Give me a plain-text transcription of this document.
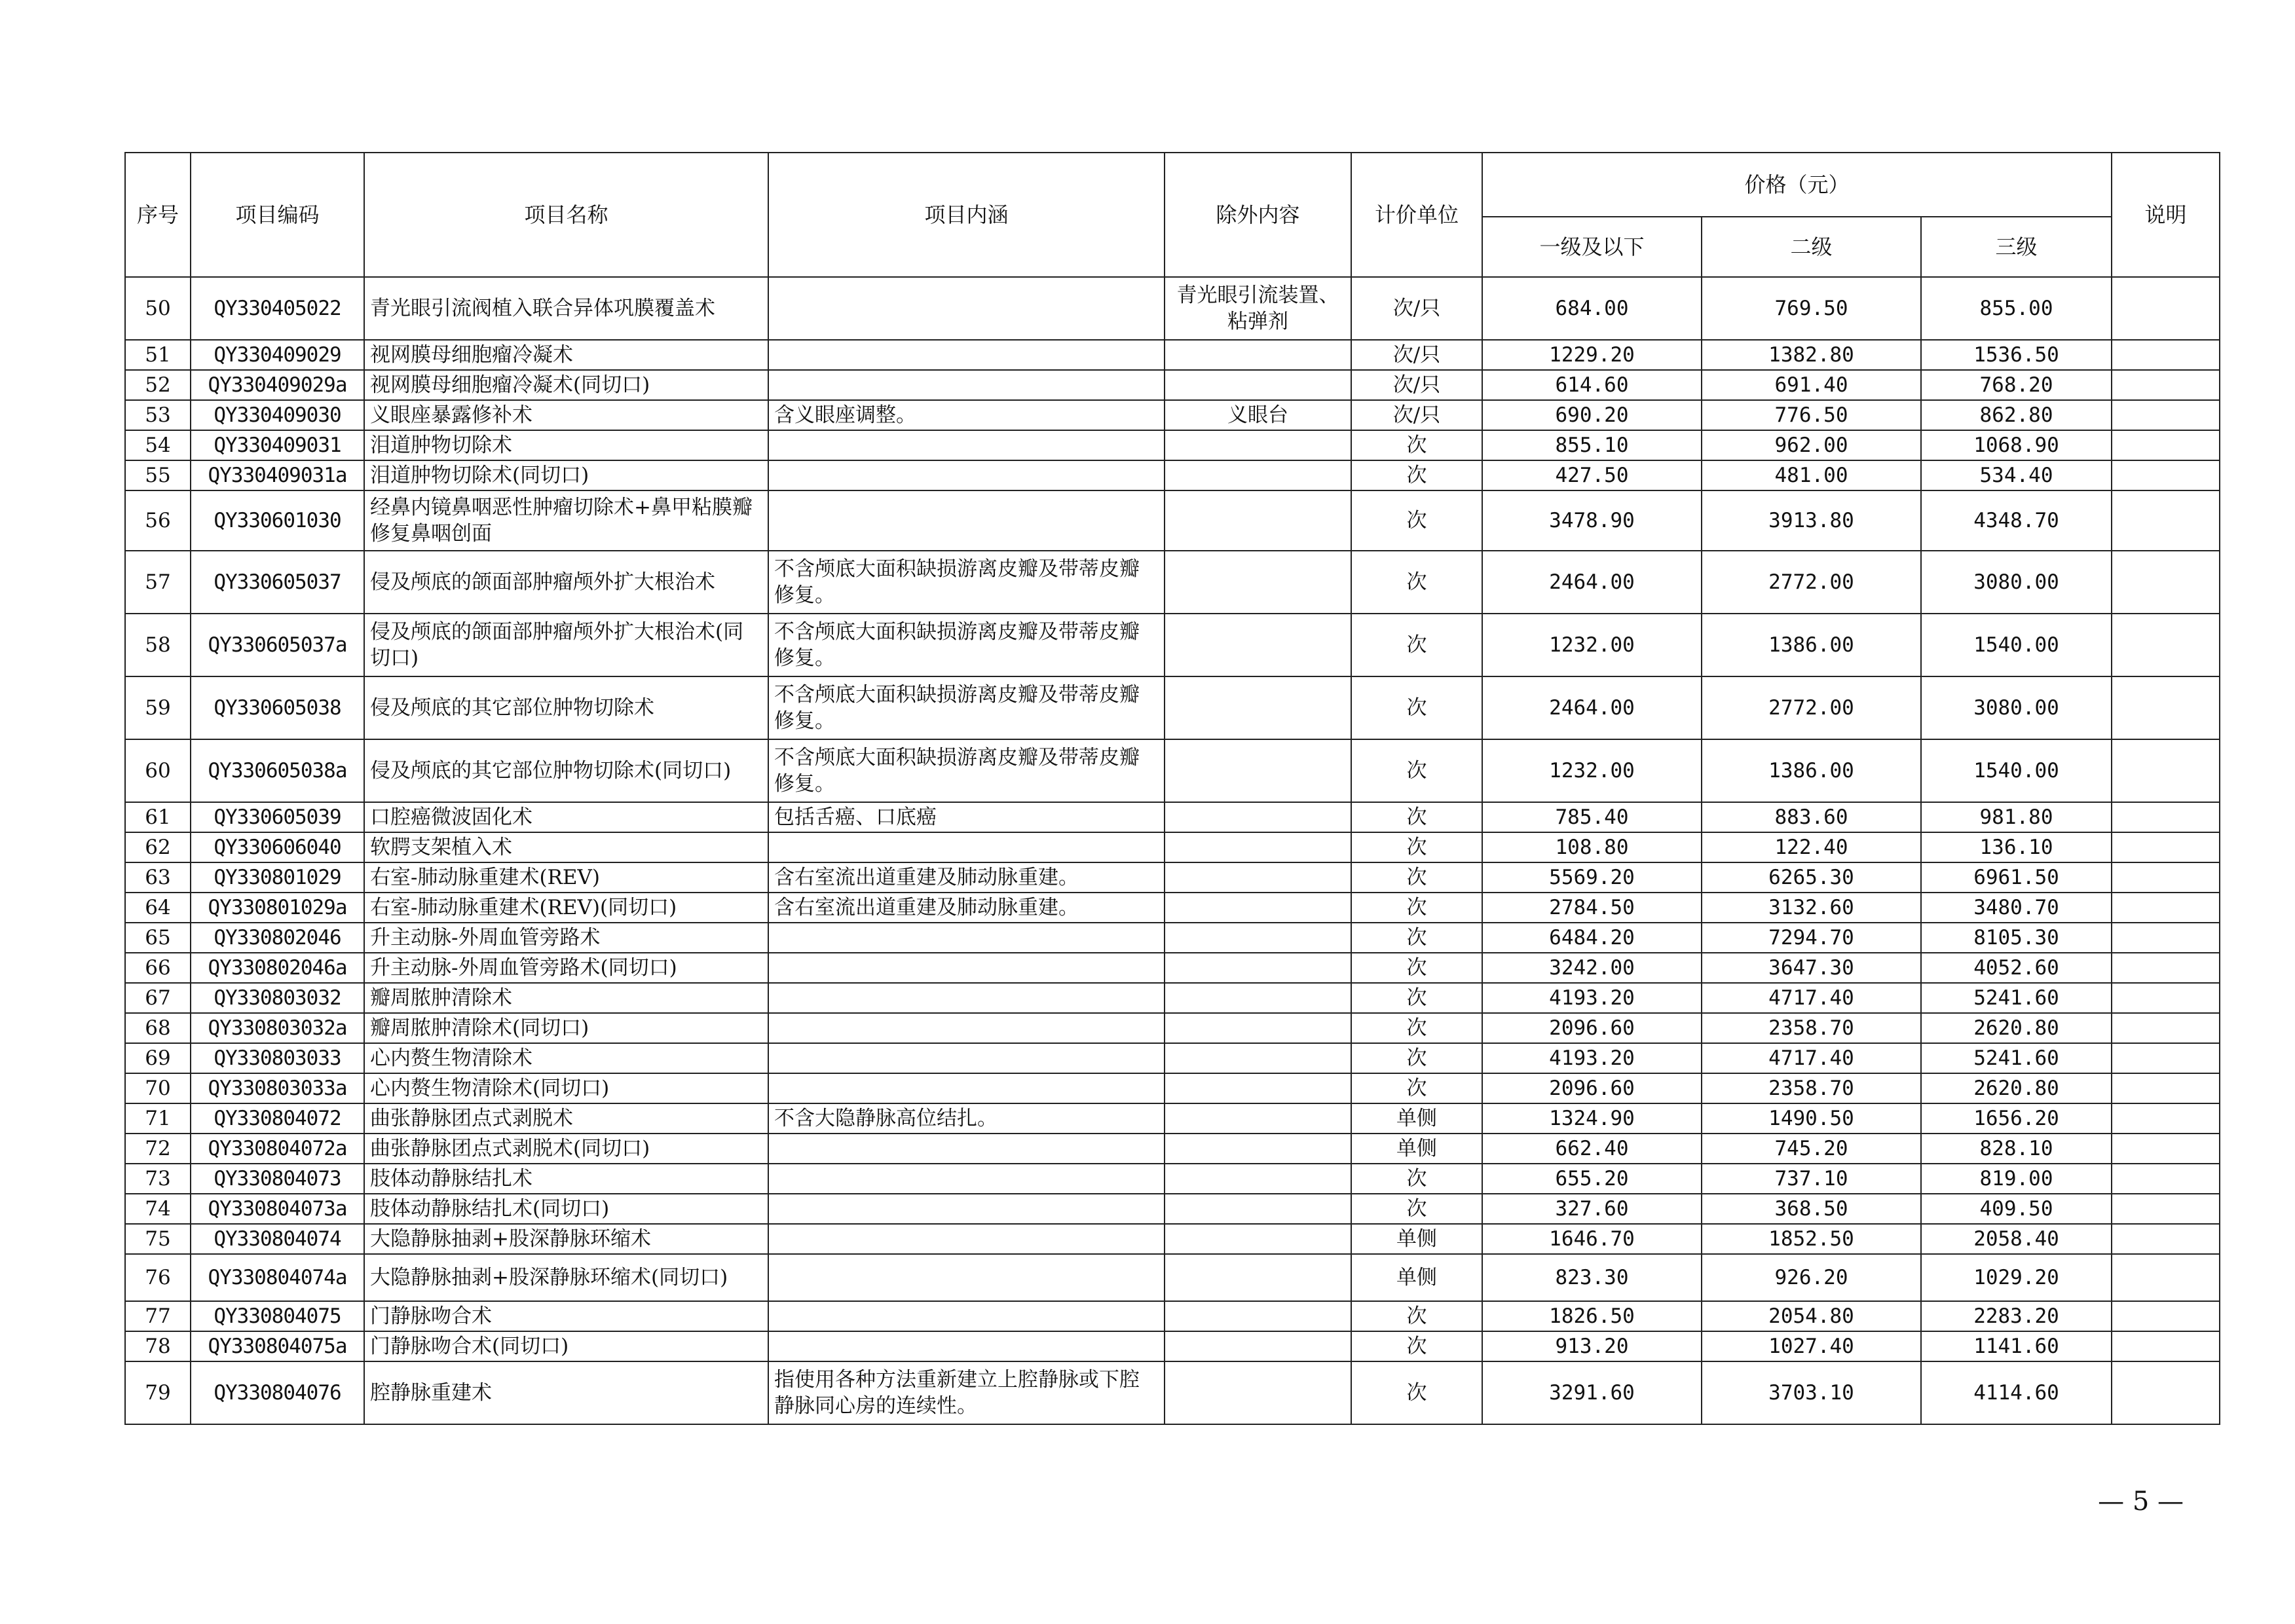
序号	项目编码	项目名称	项目内涵	除外内容	计价单位	价格（元）			说明
						一级及以下	二级	三级	
50	QY330405022	青光眼引流阀植入联合异体巩膜覆盖术		青光眼引流装置、粘弹剂	次/只	684.00	769.50	855.00	
51	QY330409029	视网膜母细胞瘤冷凝术			次/只	1229.20	1382.80	1536.50	
52	QY330409029a	视网膜母细胞瘤冷凝术(同切口)			次/只	614.60	691.40	768.20	
53	QY330409030	义眼座暴露修补术	含义眼座调整。	义眼台	次/只	690.20	776.50	862.80	
54	QY330409031	泪道肿物切除术			次	855.10	962.00	1068.90	
55	QY330409031a	泪道肿物切除术(同切口)			次	427.50	481.00	534.40	
56	QY330601030	经鼻内镜鼻咽恶性肿瘤切除术+鼻甲粘膜瓣修复鼻咽创面			次	3478.90	3913.80	4348.70	
57	QY330605037	侵及颅底的颌面部肿瘤颅外扩大根治术	不含颅底大面积缺损游离皮瓣及带蒂皮瓣修复。		次	2464.00	2772.00	3080.00	
58	QY330605037a	侵及颅底的颌面部肿瘤颅外扩大根治术(同切口)	不含颅底大面积缺损游离皮瓣及带蒂皮瓣修复。		次	1232.00	1386.00	1540.00	
59	QY330605038	侵及颅底的其它部位肿物切除术	不含颅底大面积缺损游离皮瓣及带蒂皮瓣修复。		次	2464.00	2772.00	3080.00	
60	QY330605038a	侵及颅底的其它部位肿物切除术(同切口)	不含颅底大面积缺损游离皮瓣及带蒂皮瓣修复。		次	1232.00	1386.00	1540.00	
61	QY330605039	口腔癌微波固化术	包括舌癌、口底癌		次	785.40	883.60	981.80	
62	QY330606040	软腭支架植入术			次	108.80	122.40	136.10	
63	QY330801029	右室-肺动脉重建术(REV)	含右室流出道重建及肺动脉重建。		次	5569.20	6265.30	6961.50	
64	QY330801029a	右室-肺动脉重建术(REV)(同切口)	含右室流出道重建及肺动脉重建。		次	2784.50	3132.60	3480.70	
65	QY330802046	升主动脉-外周血管旁路术			次	6484.20	7294.70	8105.30	
66	QY330802046a	升主动脉-外周血管旁路术(同切口)			次	3242.00	3647.30	4052.60	
67	QY330803032	瓣周脓肿清除术			次	4193.20	4717.40	5241.60	
68	QY330803032a	瓣周脓肿清除术(同切口)			次	2096.60	2358.70	2620.80	
69	QY330803033	心内赘生物清除术			次	4193.20	4717.40	5241.60	
70	QY330803033a	心内赘生物清除术(同切口)			次	2096.60	2358.70	2620.80	
71	QY330804072	曲张静脉团点式剥脱术	不含大隐静脉高位结扎。		单侧	1324.90	1490.50	1656.20	
72	QY330804072a	曲张静脉团点式剥脱术(同切口)			单侧	662.40	745.20	828.10	
73	QY330804073	肢体动静脉结扎术			次	655.20	737.10	819.00	
74	QY330804073a	肢体动静脉结扎术(同切口)			次	327.60	368.50	409.50	
75	QY330804074	大隐静脉抽剥+股深静脉环缩术			单侧	1646.70	1852.50	2058.40	
76	QY330804074a	大隐静脉抽剥+股深静脉环缩术(同切口)			单侧	823.30	926.20	1029.20	
77	QY330804075	门静脉吻合术			次	1826.50	2054.80	2283.20	
78	QY330804075a	门静脉吻合术(同切口)			次	913.20	1027.40	1141.60	
79	QY330804076	腔静脉重建术	指使用各种方法重新建立上腔静脉或下腔静脉同心房的连续性。		次	3291.60	3703.10	4114.60	
— 5 —
